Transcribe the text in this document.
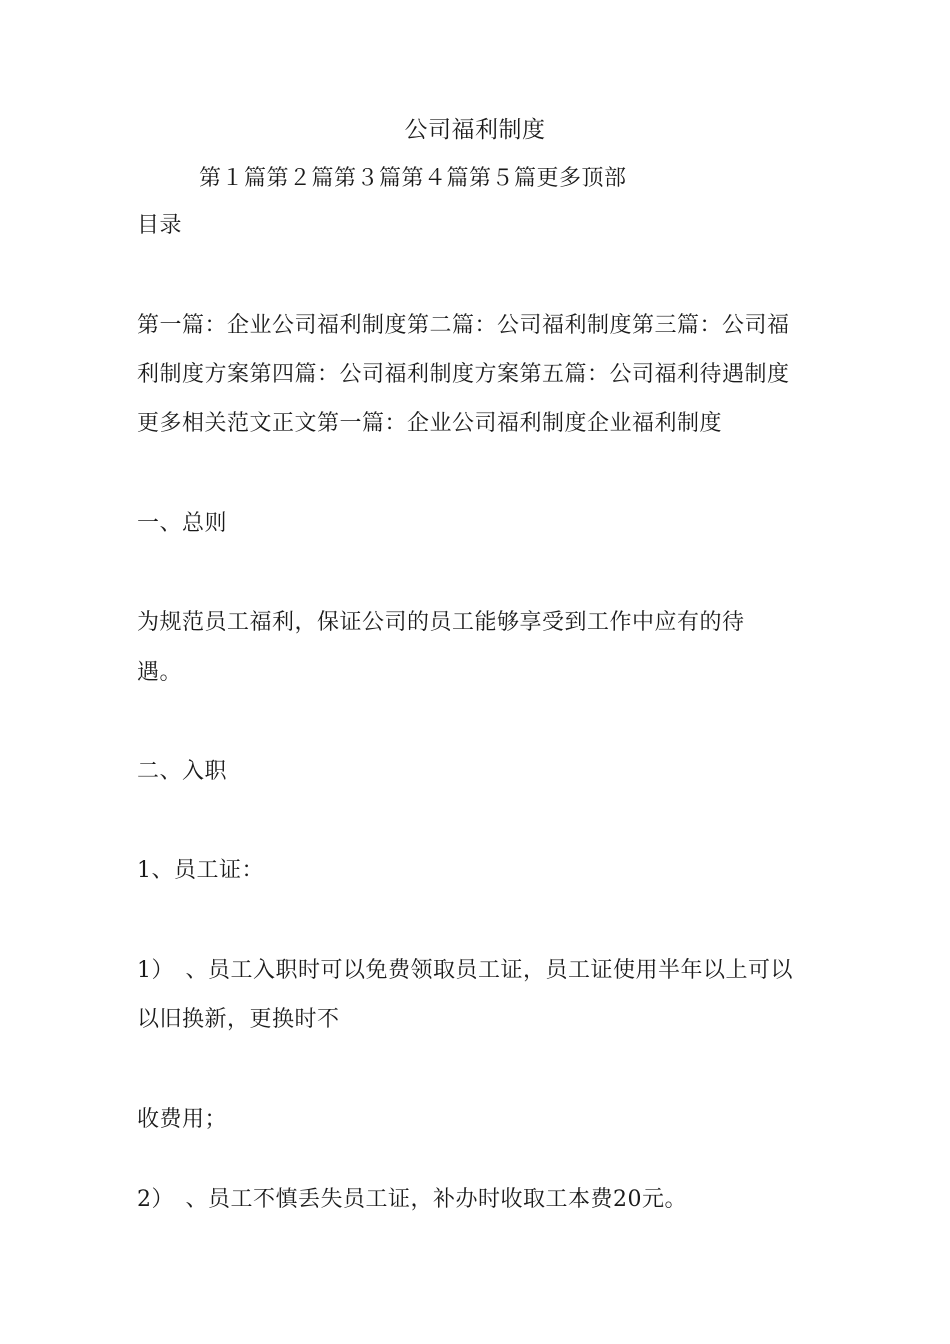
公司福利制度
第１篇第２篇第３篇第４篇第５篇更多顶部
目录
第一篇：企业公司福利制度第二篇：公司福利制度第三篇：公司福
利制度方案第四篇：公司福利制度方案第五篇：公司福利待遇制度
更多相关范文正文第一篇：企业公司福利制度企业福利制度
一、总则
为规范员工福利，保证公司的员工能够享受到工作中应有的待
遇。
二、入职
1、员工证：
1）　、员工入职时可以免费领取员工证，员工证使用半年以上可以
以旧换新，更换时不
收费用；
2）　、员工不慎丢失员工证，补办时收取工本费20元。
